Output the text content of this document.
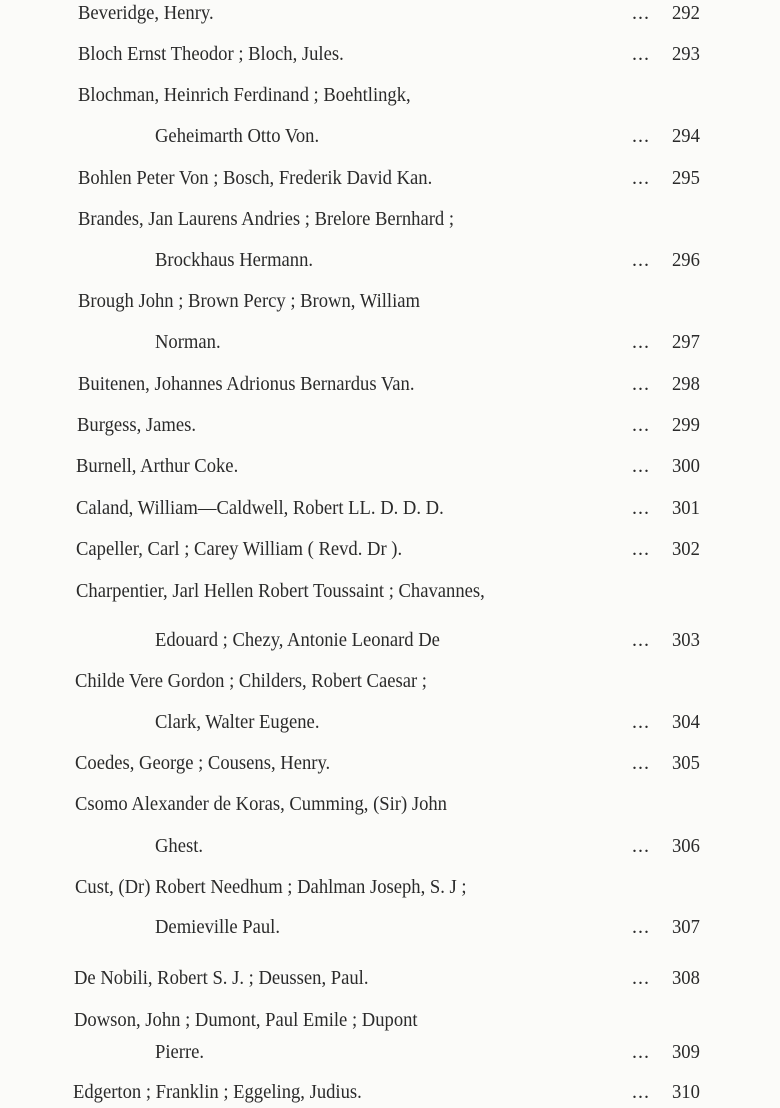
Beveridge, Henry.	... 292
Bloch Ernst Theodor ; Bloch, Jules.	... 293
Blochman, Heinrich Ferdinand ; Boehtlingk,
Geheimarth Otto Von.	... 294
Bohlen Peter Von ; Bosch, Frederik David Kan.	... 295
Brandes, Jan Laurens Andries ; Brelore Bernhard ;
Brockhaus Hermann.	... 296
Brough John ; Brown Percy ; Brown, William
Norman.	... 297
Buitenen, Johannes Adrionus Bernardus Van.	... 298
Burgess, James.	... 299
Burnell, Arthur Coke.	... 300
Caland, William—Caldwell, Robert LL. D. D. D.	... 301
Capeller, Carl ; Carey William ( Revd. Dr ).	... 302
Charpentier, Jarl Hellen Robert Toussaint ; Chavannes,
Edouard ; Chezy, Antonie Leonard De	... 303
Childe Vere Gordon ; Childers, Robert Caesar ;
Clark, Walter Eugene.	... 304
Coedes, George ; Cousens, Henry.	... 305
Csomo Alexander de Koras, Cumming, (Sir) John
Ghest.	... 306
Cust, (Dr) Robert Needhum ; Dahlman Joseph, S. J ;
Demieville Paul.	... 307
De Nobili, Robert S. J. ; Deussen, Paul.	... 308
Dowson, John ; Dumont, Paul Emile ; Dupont
Pierre.	... 309
Edgerton ; Franklin ; Eggeling, Judius.	... 310
